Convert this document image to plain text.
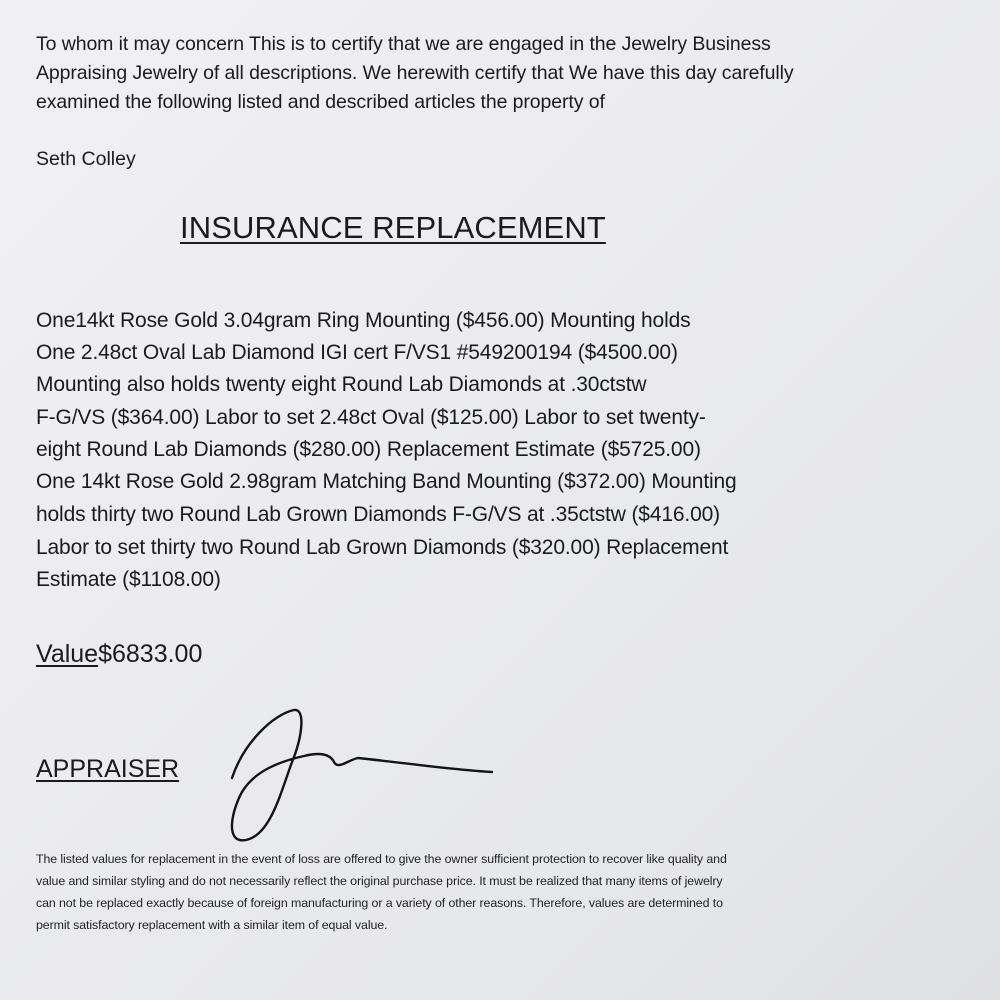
To whom it may concern This is to certify that we are engaged in the Jewelry Business

Appraising Jewelry of all descriptions. We herewith certify that We have this day carefully

examined the following listed and described articles the property of

Seth Colley

INSURANCE REPLACEMENT

One14kt Rose Gold 3.04gram Ring Mounting ($456.00) Mounting holds

One 2.48ct Oval Lab Diamond IGI cert F/VS1 #549200194 ($4500.00)

Mounting also holds twenty eight Round Lab Diamonds at .30ctstw

F-G/VS ($364.00) Labor to set 2.48ct Oval ($125.00) Labor to set twenty-

eight Round Lab Diamonds ($280.00) Replacement Estimate ($5725.00)

One 14kt Rose Gold 2.98gram Matching Band Mounting ($372.00) Mounting

holds thirty two Round Lab Grown Diamonds F-G/VS at .35ctstw ($416.00)

Labor to set thirty two Round Lab Grown Diamonds ($320.00) Replacement

Estimate ($1108.00)

Value$6833.00

APPRAISER

The listed values for replacement in the event of loss are offered to give the owner sufficient protection to recover like quality and

value and similar styling and do not necessarily reflect the original purchase price. It must be realized that many items of jewelry

can not be replaced exactly because of foreign manufacturing or a variety of other reasons. Therefore, values are determined to

permit satisfactory replacement with a similar item of equal value.
